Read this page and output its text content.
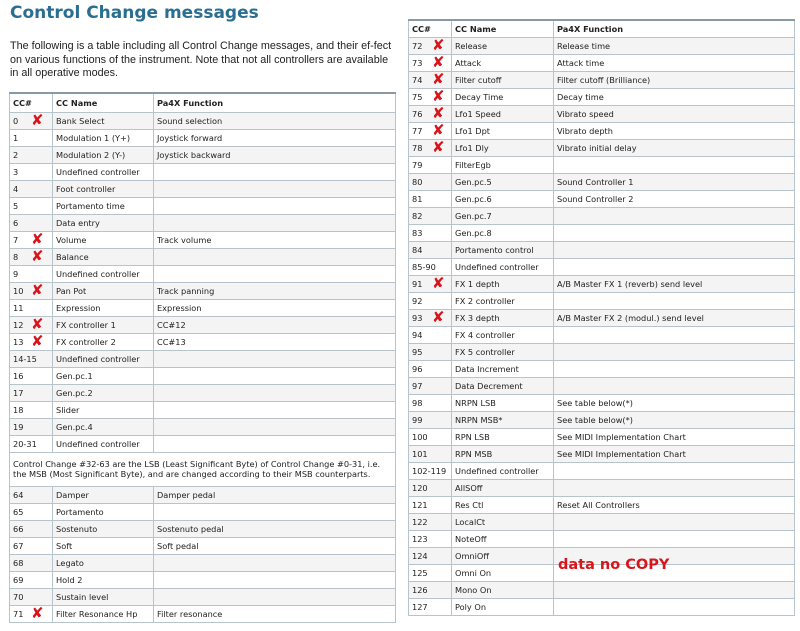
Control Change messages
The following is a table including all Control Change messages, and their ef-fect on various functions of the instrument. Note that not all controllers are available in all operative modes.
CC#	CC Name	Pa4X Function
0 ✘	Bank Select	Sound selection
1	Modulation 1 (Y+)	Joystick forward
2	Modulation 2 (Y-)	Joystick backward
3	Undefined controller	
4	Foot controller	
5	Portamento time	
6	Data entry	
7 ✘	Volume	Track volume
8 ✘	Balance	
9	Undefined controller	
10 ✘	Pan Pot	Track panning
11	Expression	Expression
12 ✘	FX controller 1	CC#12
13 ✘	FX controller 2	CC#13
14-15	Undefined controller	
16	Gen.pc.1	
17	Gen.pc.2	
18	Slider	
19	Gen.pc.4	
20-31	Undefined controller	
Control Change #32-63 are the LSB (Least Significant Byte) of Control Change #0-31, i.e. the MSB (Most Significant Byte), and are changed according to their MSB counterparts.		
64	Damper	Damper pedal
65	Portamento	
66	Sostenuto	Sostenuto pedal
67	Soft	Soft pedal
68	Legato	
69	Hold 2	
70	Sustain level	
71 ✘	Filter Resonance Hp	Filter resonance
CC#	CC Name	Pa4X Function
72 ✘	Release	Release time
73 ✘	Attack	Attack time
74 ✘	Filter cutoff	Filter cutoff (Brilliance)
75 ✘	Decay Time	Decay time
76 ✘	Lfo1 Speed	Vibrato speed
77 ✘	Lfo1 Dpt	Vibrato depth
78 ✘	Lfo1 Dly	Vibrato initial delay
79	FilterEgb	
80	Gen.pc.5	Sound Controller 1
81	Gen.pc.6	Sound Controller 2
82	Gen.pc.7	
83	Gen.pc.8	
84	Portamento control	
85-90	Undefined controller	
91 ✘	FX 1 depth	A/B Master FX 1 (reverb) send level
92	FX 2 controller	
93 ✘	FX 3 depth	A/B Master FX 2 (modul.) send level
94	FX 4 controller	
95	FX 5 controller	
96	Data Increment	
97	Data Decrement	
98	NRPN LSB	See table below(*)
99	NRPN MSB*	See table below(*)
100	RPN LSB	See MIDI Implementation Chart
101	RPN MSB	See MIDI Implementation Chart
102-119	Undefined controller	
120	AllSOff	
121	Res Ctl	Reset All Controllers
122	LocalCt	
123	NoteOff	
124	OmniOff	
125	Omni On	
126	Mono On	
127	Poly On	
data no COPY
